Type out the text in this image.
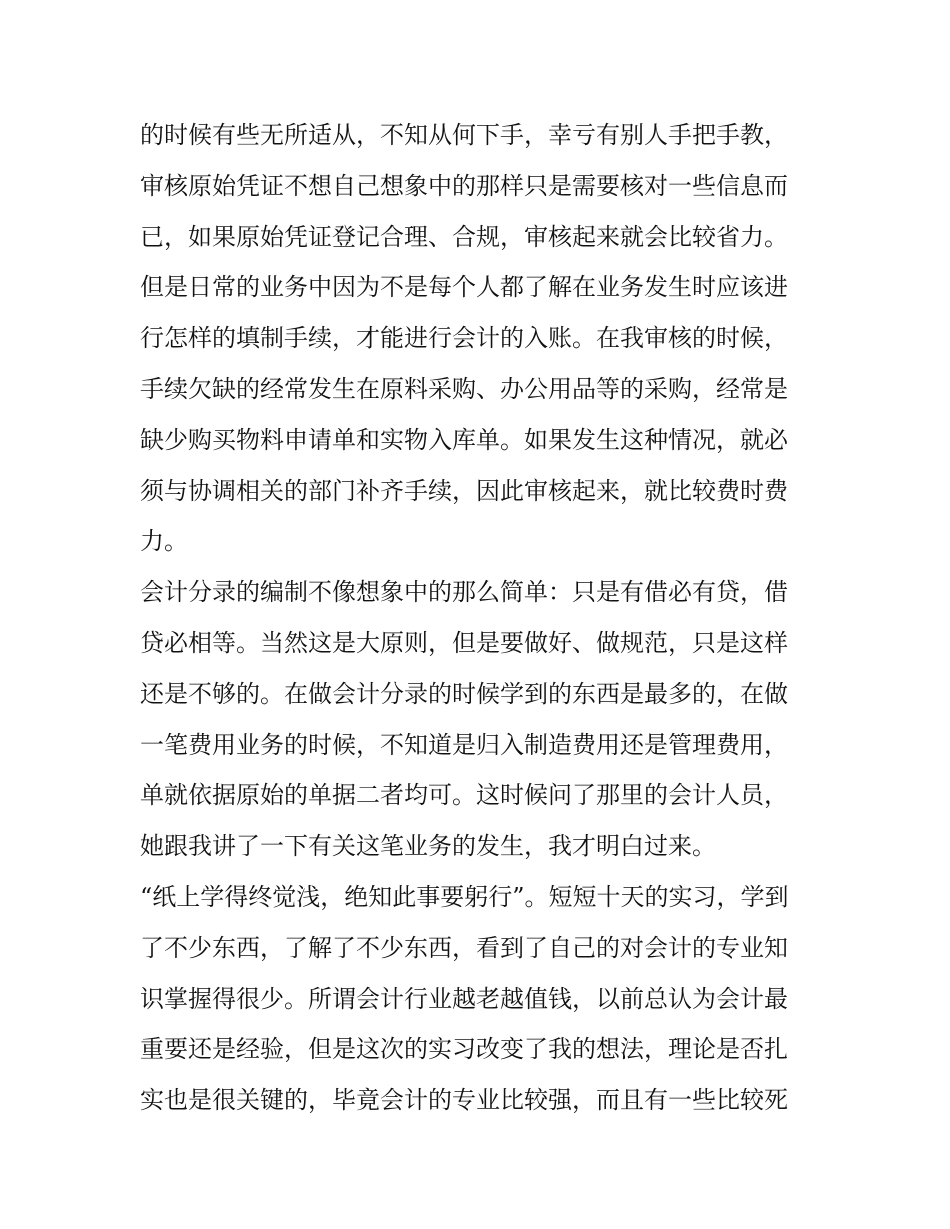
的时候有些无所适从，不知从何下手，幸亏有别人手把手教，
审核原始凭证不想自己想象中的那样只是需要核对一些信息而
已，如果原始凭证登记合理、合规，审核起来就会比较省力。
但是日常的业务中因为不是每个人都了解在业务发生时应该进
行怎样的填制手续，才能进行会计的入账。在我审核的时候，
手续欠缺的经常发生在原料采购、办公用品等的采购，经常是
缺少购买物料申请单和实物入库单。如果发生这种情况，就必
须与协调相关的部门补齐手续，因此审核起来，就比较费时费
力。
会计分录的编制不像想象中的那么简单：只是有借必有贷，借
贷必相等。当然这是大原则，但是要做好、做规范，只是这样
还是不够的。在做会计分录的时候学到的东西是最多的，在做
一笔费用业务的时候，不知道是归入制造费用还是管理费用，
单就依据原始的单据二者均可。这时候问了那里的会计人员，
她跟我讲了一下有关这笔业务的发生，我才明白过来。
“纸上学得终觉浅，绝知此事要躬行”。短短十天的实习，学到
了不少东西，了解了不少东西，看到了自己的对会计的专业知
识掌握得很少。所谓会计行业越老越值钱，以前总认为会计最
重要还是经验，但是这次的实习改变了我的想法，理论是否扎
实也是很关键的，毕竟会计的专业比较强，而且有一些比较死
